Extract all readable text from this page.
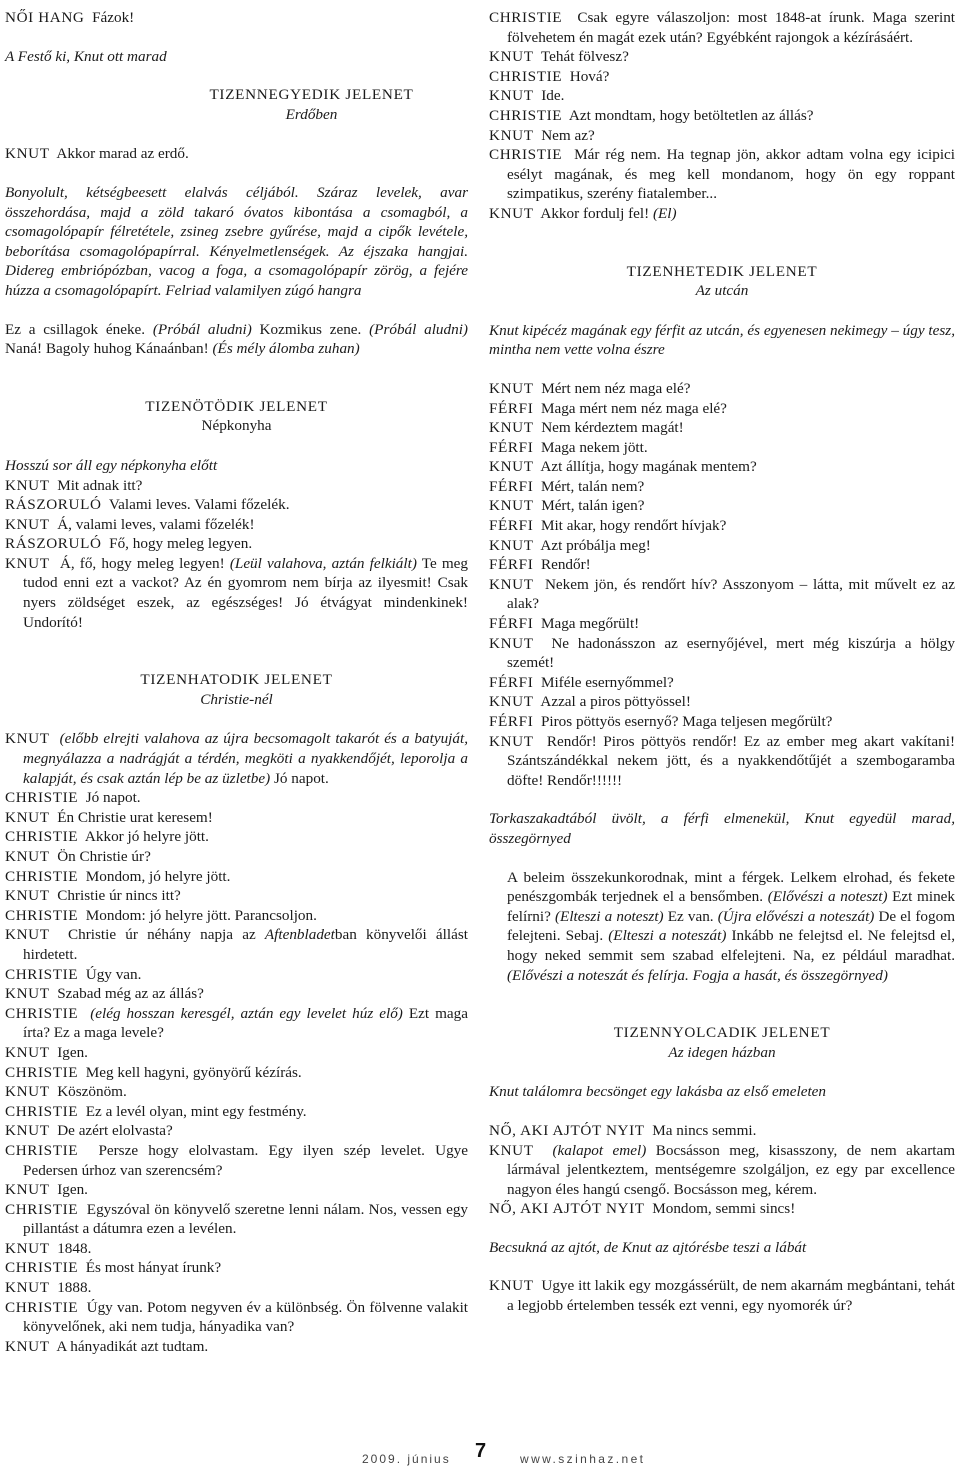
NŐI HANG Fázok!

A Festő ki, Knut ott marad

TIZENNEGYEDIK JELENET

Erdőben

KNUT Akkor marad az erdő.

Bonyolult, kétségbeesett elalvás céljából. Száraz levelek, avar összehordása, majd a zöld takaró óvatos kibontása a csomagból, a csomagolópapír félretétele, zsineg zsebre gyűrése, majd a cipők levétele, beborítása csomagolópapírral. Kényelmetlenségek. Az éjszaka hangjai. Didereg embriópózban, vacog a foga, a csomagolópapír zörög, a fejére húzza a csomagolópapírt. Felriad valamilyen zúgó hangra

Ez a csillagok éneke. (Próbál aludni) Kozmikus zene. (Próbál aludni) Naná! Bagoly huhog Kánaánban! (És mély álomba zuhan)

TIZENÖTÖDIK JELENET

Népkonyha

Hosszú sor áll egy népkonyha előtt

KNUT Mit adnak itt?

RÁSZORULÓ Valami leves. Valami főzelék.

KNUT Á, valami leves, valami főzelék!

RÁSZORULÓ Fő, hogy meleg legyen.

KNUT Á, fő, hogy meleg legyen! (Leül valahova, aztán felkiált) Te meg tudod enni ezt a vackot? Az én gyomrom nem bírja az ilyesmit! Csak nyers zöldséget eszek, az egészséges! Jó étvágyat mindenkinek! Undorító!

TIZENHATODIK JELENET

Christie-nél

KNUT (előbb elrejti valahova az újra becsomagolt takarót és a batyuját, megnyálazza a nadrágját a térdén, megköti a nyakkendőjét, leporolja a kalapját, és csak aztán lép be az üzletbe) Jó napot.

CHRISTIE Jó napot.

KNUT Én Christie urat keresem!

CHRISTIE Akkor jó helyre jött.

KNUT Ön Christie úr?

CHRISTIE Mondom, jó helyre jött.

KNUT Christie úr nincs itt?

CHRISTIE Mondom: jó helyre jött. Parancsoljon.

KNUT Christie úr néhány napja az Aftenbladetban könyvelői állást hirdetett.

CHRISTIE Úgy van.

KNUT Szabad még az az állás?

CHRISTIE (elég hosszan keresgél, aztán egy levelet húz elő) Ezt maga írta? Ez a maga levele?

KNUT Igen.

CHRISTIE Meg kell hagyni, gyönyörű kézírás.

KNUT Köszönöm.

CHRISTIE Ez a levél olyan, mint egy festmény.

KNUT De azért elolvasta?

CHRISTIE Persze hogy elolvastam. Egy ilyen szép levelet. Ugye Pedersen úrhoz van szerencsém?

KNUT Igen.

CHRISTIE Egyszóval ön könyvelő szeretne lenni nálam. Nos, vessen egy pillantást a dátumra ezen a levélen.

KNUT 1848.

CHRISTIE És most hányat írunk?

KNUT 1888.

CHRISTIE Úgy van. Potom negyven év a különbség. Ön fölvenne valakit könyvelőnek, aki nem tudja, hányadika van?

KNUT A hányadikát azt tudtam.

CHRISTIE Csak egyre válaszoljon: most 1848-at írunk. Maga szerint fölvehetem én magát ezek után? Egyébként rajongok a kézírásáért.

KNUT Tehát fölvesz?

CHRISTIE Hová?

KNUT Ide.

CHRISTIE Azt mondtam, hogy betöltetlen az állás?

KNUT Nem az?

CHRISTIE Már rég nem. Ha tegnap jön, akkor adtam volna egy icipici esélyt magának, és meg kell mondanom, hogy ön egy roppant szimpatikus, szerény fiatalember...

KNUT Akkor fordulj fel! (El)

TIZENHETEDIK JELENET

Az utcán

Knut kipécéz magának egy férfit az utcán, és egyenesen nekimegy – úgy tesz, mintha nem vette volna észre

KNUT Mért nem néz maga elé?

FÉRFI Maga mért nem néz maga elé?

KNUT Nem kérdeztem magát!

FÉRFI Maga nekem jött.

KNUT Azt állítja, hogy magának mentem?

FÉRFI Mért, talán nem?

KNUT Mért, talán igen?

FÉRFI Mit akar, hogy rendőrt hívjak?

KNUT Azt próbálja meg!

FÉRFI Rendőr!

KNUT Nekem jön, és rendőrt hív? Asszonyom – látta, mit művelt ez az alak?

FÉRFI Maga megőrült!

KNUT Ne hadonásszon az esernyőjével, mert még kiszúrja a hölgy szemét!

FÉRFI Miféle esernyőmmel?

KNUT Azzal a piros pöttyössel!

FÉRFI Piros pöttyös esernyő? Maga teljesen megőrült?

KNUT Rendőr! Piros pöttyös rendőr! Ez az ember meg akart vakítani! Szántszándékkal nekem jött, és a nyakkendőtűjét a szembogaramba döfte! Rendőr!!!!!!

Torkaszakadtából üvölt, a férfi elmenekül, Knut egyedül marad, összegörnyed

A beleim összekunkorodnak, mint a férgek. Lelkem elrohad, és fekete penészgombák terjednek el a bensőmben. (Elővészi a noteszt) Ezt minek felírni? (Elteszi a noteszt) Ez van. (Újra elővészi a noteszát) De el fogom felejteni. Sebaj. (Elteszi a noteszát) Inkább ne felejtsd el. Ne felejtsd el, hogy neked semmit sem szabad elfelejteni. Na, ez például maradhat. (Elővészi a noteszát és felírja. Fogja a hasát, és összegörnyed)

TIZENNYOLCADIK JELENET

Az idegen házban

Knut találomra becsönget egy lakásba az első emeleten

NŐ, AKI AJTÓT NYIT Ma nincs semmi.

KNUT (kalapot emel) Bocsásson meg, kisasszony, de nem akartam lármával jelentkeztem, mentségemre szolgáljon, ez egy par excellence nagyon éles hangú csengő. Bocsásson meg, kérem.

NŐ, AKI AJTÓT NYIT Mondom, semmi sincs!

Becsukná az ajtót, de Knut az ajtórésbe teszi a lábát

KNUT Ugye itt lakik egy mozgássérült, de nem akarnám megbántani, tehát a legjobb értelemben tessék ezt venni, egy nyomorék úr?

2009. június 7	www.szinhaz.net
